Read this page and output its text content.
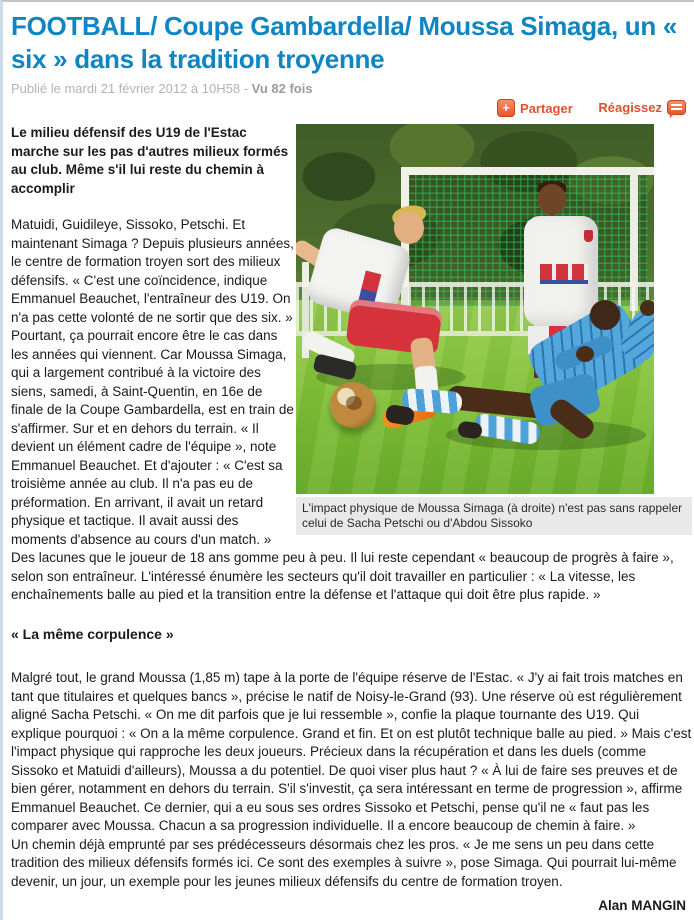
FOOTBALL/ Coupe Gambardella/ Moussa Simaga, un « six » dans la tradition troyenne
Publié le mardi 21 février 2012 à 10H58 - Vu 82 fois
+ Partager
Réagissez
L'impact physique de Moussa Simaga (à droite) n'est pas sans rappeler celui de Sacha Petschi ou d'Abdou Sissoko

Le milieu défensif des U19 de l'Estac marche sur les pas d'autres milieux formés au club. Même s'il lui reste du chemin à accomplir

Matuidi, Guidileye, Sissoko, Petschi. Et maintenant Simaga ? Depuis plusieurs années, le centre de formation troyen sort des milieux défensifs. « C'est une coïncidence, indique Emmanuel Beauchet, l'entraîneur des U19. On n'a pas cette volonté de ne sortir que des six. » Pourtant, ça pourrait encore être le cas dans les années qui viennent. Car Moussa Simaga, qui a largement contribué à la victoire des siens, samedi, à Saint-Quentin, en 16e de finale de la Coupe Gambardella, est en train de s'affirmer. Sur et en dehors du terrain. « Il devient un élément cadre de l'équipe », note Emmanuel Beauchet. Et d'ajouter : « C'est sa troisième année au club. Il n'a pas eu de préformation. En arrivant, il avait un retard physique et tactique. Il avait aussi des moments d'absence au cours d'un match. » Des lacunes que le joueur de 18 ans gomme peu à peu. Il lui reste cependant « beaucoup de progrès à faire », selon son entraîneur. L'intéressé énumère les secteurs qu'il doit travailler en particulier : « La vitesse, les enchaînements balle au pied et la transition entre la défense et l'attaque qui doit être plus rapide. »

« La même corpulence »

Malgré tout, le grand Moussa (1,85 m) tape à la porte de l'équipe réserve de l'Estac. « J'y ai fait trois matches en tant que titulaires et quelques bancs », précise le natif de Noisy-le-Grand (93). Une réserve où est régulièrement aligné Sacha Petschi. « On me dit parfois que je lui ressemble », confie la plaque tournante des U19. Qui explique pourquoi : « On a la même corpulence. Grand et fin. Et on est plutôt technique balle au pied. » Mais c'est l'impact physique qui rapproche les deux joueurs. Précieux dans la récupération et dans les duels (comme Sissoko et Matuidi d'ailleurs), Moussa a du potentiel. De quoi viser plus haut ? « À lui de faire ses preuves et de bien gérer, notamment en dehors du terrain. S'il s'investit, ça sera intéressant en terme de progression », affirme Emmanuel Beauchet. Ce dernier, qui a eu sous ses ordres Sissoko et Petschi, pense qu'il ne « faut pas les comparer avec Moussa. Chacun a sa progression individuelle. Il a encore beaucoup de chemin à faire. »

Un chemin déjà emprunté par ses prédécesseurs désormais chez les pros. « Je me sens un peu dans cette tradition des milieux défensifs formés ici. Ce sont des exemples à suivre », pose Simaga. Qui pourrait lui-même devenir, un jour, un exemple pour les jeunes milieux défensifs du centre de formation troyen.

Alan MANGIN
